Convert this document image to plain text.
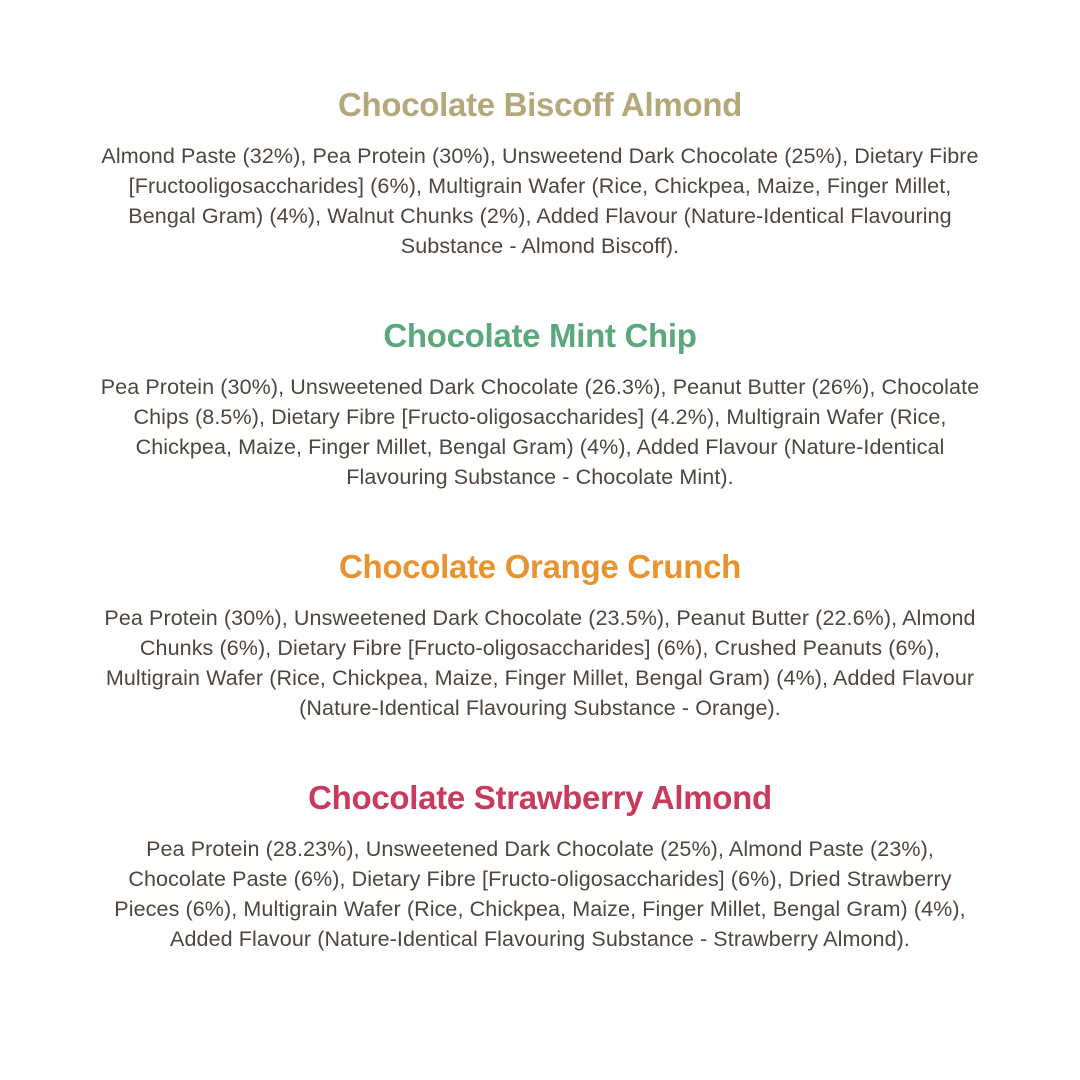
Chocolate Biscoff Almond

Almond Paste (32%), Pea Protein (30%), Unsweetend Dark Chocolate (25%), Dietary Fibre [Fructooligosaccharides] (6%), Multigrain Wafer (Rice, Chickpea, Maize, Finger Millet, Bengal Gram) (4%), Walnut Chunks (2%), Added Flavour (Nature-Identical Flavouring Substance - Almond Biscoff).

Chocolate Mint Chip

Pea Protein (30%), Unsweetened Dark Chocolate (26.3%), Peanut Butter (26%), Chocolate Chips (8.5%), Dietary Fibre [Fructo-oligosaccharides] (4.2%), Multigrain Wafer (Rice, Chickpea, Maize, Finger Millet, Bengal Gram) (4%), Added Flavour (Nature-Identical Flavouring Substance - Chocolate Mint).

Chocolate Orange Crunch

Pea Protein (30%), Unsweetened Dark Chocolate (23.5%), Peanut Butter (22.6%), Almond Chunks (6%), Dietary Fibre [Fructo-oligosaccharides] (6%), Crushed Peanuts (6%), Multigrain Wafer (Rice, Chickpea, Maize, Finger Millet, Bengal Gram) (4%), Added Flavour (Nature-Identical Flavouring Substance - Orange).

Chocolate Strawberry Almond

Pea Protein (28.23%), Unsweetened Dark Chocolate (25%), Almond Paste (23%), Chocolate Paste (6%), Dietary Fibre [Fructo-oligosaccharides] (6%), Dried Strawberry Pieces (6%), Multigrain Wafer (Rice, Chickpea, Maize, Finger Millet, Bengal Gram) (4%), Added Flavour (Nature-Identical Flavouring Substance - Strawberry Almond).
